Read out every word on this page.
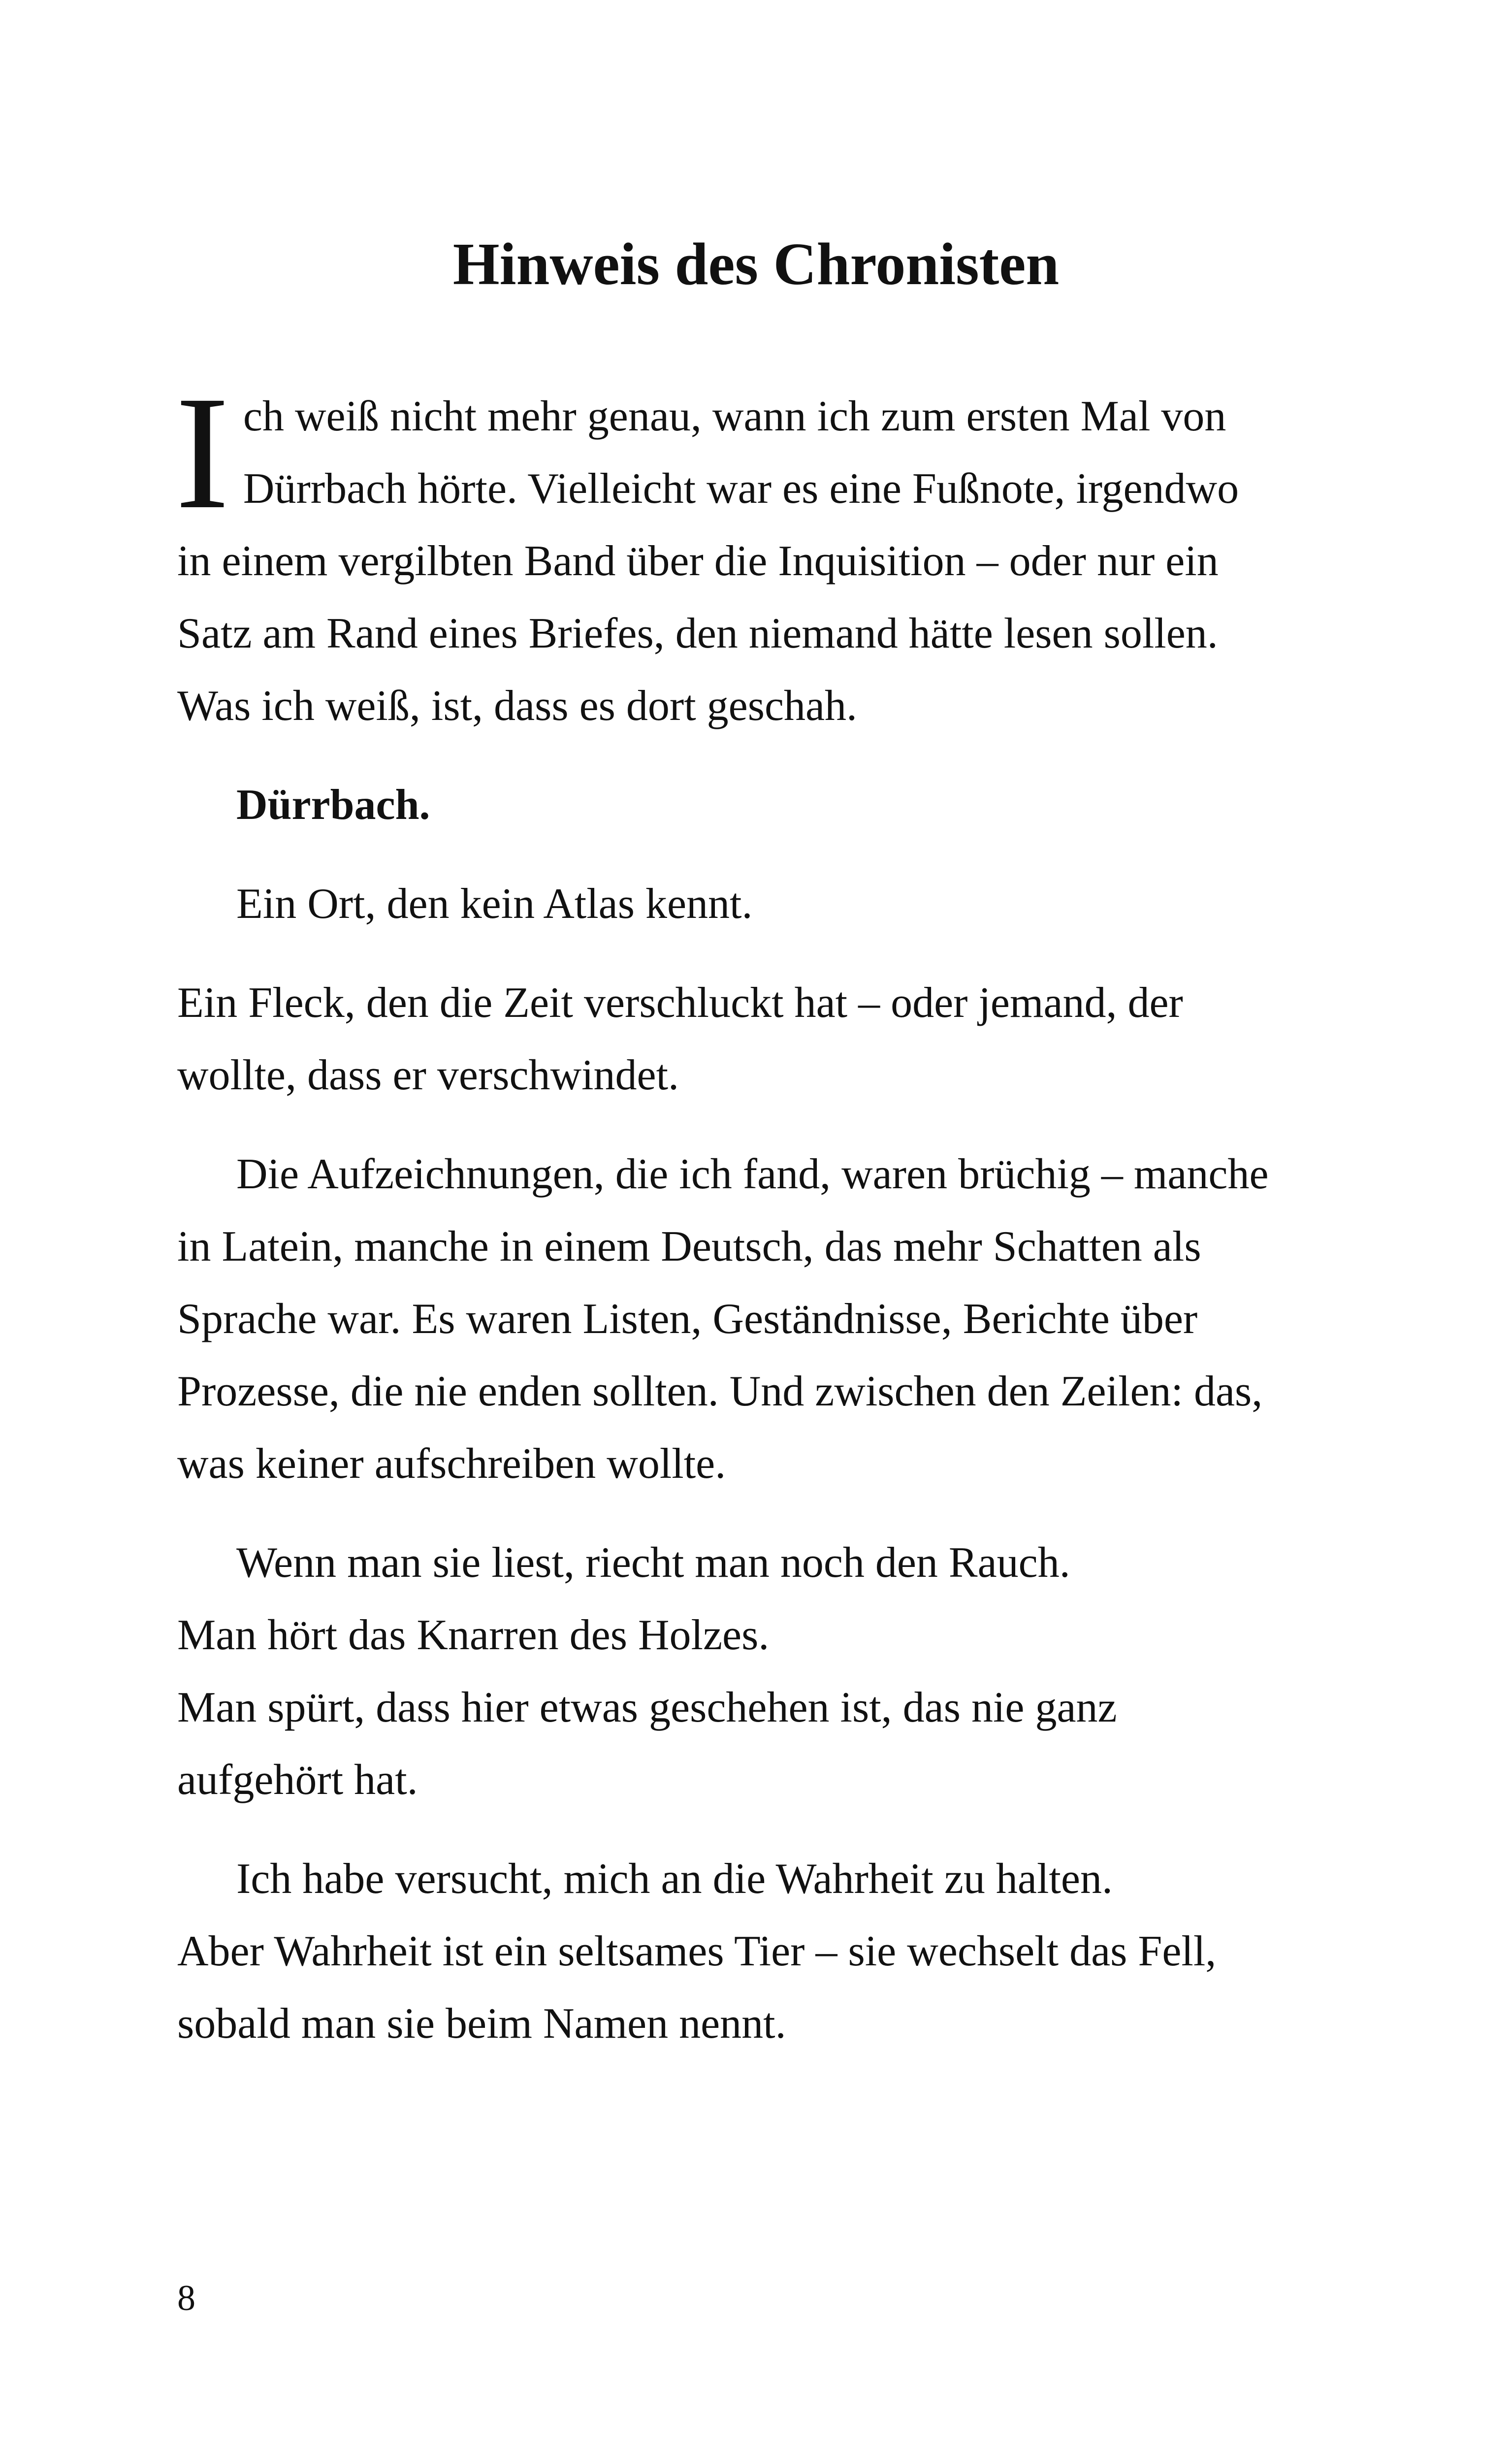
Hinweis des Chronisten
I ch weiß nicht mehr genau, wann ich zum ersten Mal von
Dürrbach hörte. Vielleicht war es eine Fußnote, irgendwo
in einem vergilbten Band über die Inquisition – oder nur ein
Satz am Rand eines Briefes, den niemand hätte lesen sollen.
Was ich weiß, ist, dass es dort geschah.

Dürrbach.

Ein Ort, den kein Atlas kennt.

Ein Fleck, den die Zeit verschluckt hat – oder jemand, der
wollte, dass er verschwindet.
Die Aufzeichnungen, die ich fand, waren brüchig – manche
in Latein, manche in einem Deutsch, das mehr Schatten als
Sprache war. Es waren Listen, Geständnisse, Berichte über
Prozesse, die nie enden sollten. Und zwischen den Zeilen: das,
was keiner aufschreiben wollte.
Wenn man sie liest, riecht man noch den Rauch.
Man hört das Knarren des Holzes.
Man spürt, dass hier etwas geschehen ist, das nie ganz
aufgehört hat.
Ich habe versucht, mich an die Wahrheit zu halten.
Aber Wahrheit ist ein seltsames Tier – sie wechselt das Fell,
sobald man sie beim Namen nennt.
8
